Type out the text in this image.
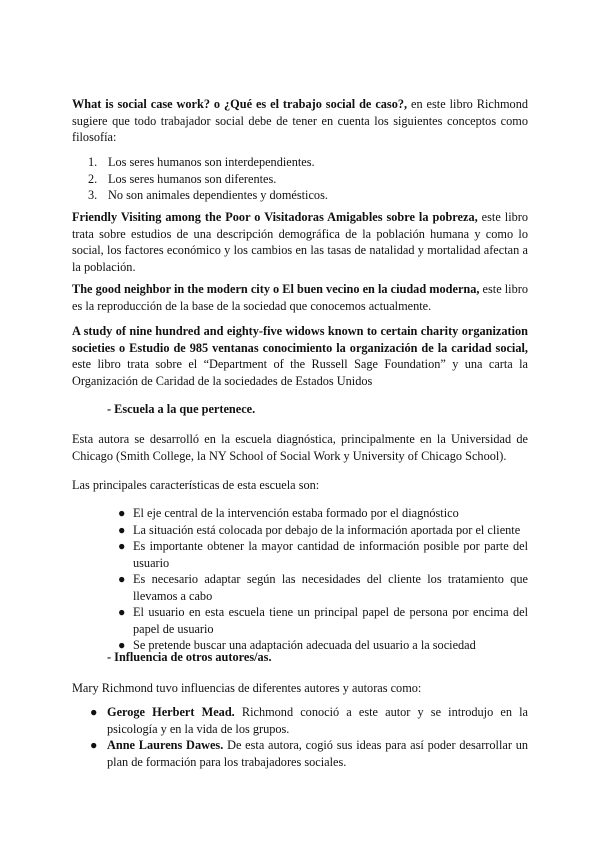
What is social case work? o ¿Qué es el trabajo social de caso?, en este libro Richmond sugiere que todo trabajador social debe de tener en cuenta los siguientes conceptos como filosofía:

1. Los seres humanos son interdependientes.
2. Los seres humanos son diferentes.
3. No son animales dependientes y domésticos.

Friendly Visiting among the Poor o Visitadoras Amigables sobre la pobreza, este libro trata sobre estudios de una descripción demográfica de la población humana y como lo social, los factores económico y los cambios en las tasas de natalidad y mortalidad afectan a la población.

The good neighbor in the modern city o El buen vecino en la ciudad moderna, este libro es la reproducción de la base de la sociedad que conocemos actualmente.

A study of nine hundred and eighty-five widows known to certain charity organization societies o Estudio de 985 ventanas conocimiento la organización de la caridad social, este libro trata sobre el “Department of the Russell Sage Foundation” y una carta la Organización de Caridad de la sociedades de Estados Unidos

- Escuela a la que pertenece.

Esta autora se desarrolló en la escuela diagnóstica, principalmente en la Universidad de Chicago (Smith College, la NY School of Social Work y University of Chicago School).

Las principales características de esta escuela son:

● El eje central de la intervención estaba formado por el diagnóstico
● La situación está colocada por debajo de la información aportada por el cliente
● Es importante obtener la mayor cantidad de información posible por parte del usuario
● Es necesario adaptar según las necesidades del cliente los tratamiento que llevamos a cabo
● El usuario en esta escuela tiene un principal papel de persona por encima del papel de usuario
● Se pretende buscar una adaptación adecuada del usuario a la sociedad
- Influencia de otros autores/as.

Mary Richmond tuvo influencias de diferentes autores y autoras como:

● Geroge Herbert Mead. Richmond conoció a este autor y se introdujo en la psicología y en la vida de los grupos.
● Anne Laurens Dawes. De esta autora, cogió sus ideas para así poder desarrollar un plan de formación para los trabajadores sociales.
